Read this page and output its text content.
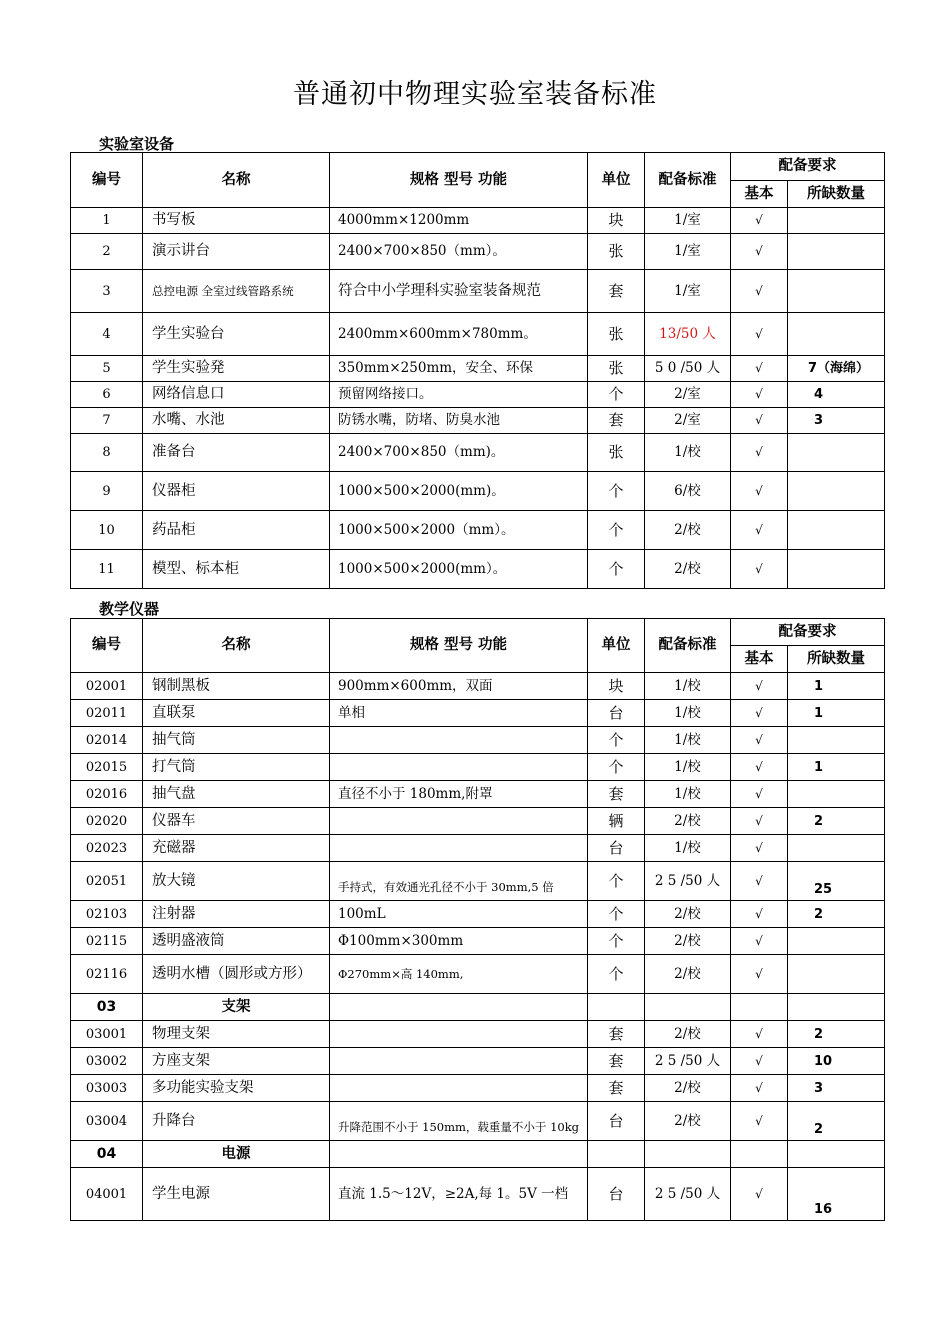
普通初中物理实验室装备标准
实验室设备
编号	名称	规格 型号 功能	单位	配备标准	配备要求	
					基本	所缺数量
1	书写板	4000mm×1200mm	块	1/室	√	
2	演示讲台	2400×700×850（mm）。	张	1/室	√	
3	总控电源 全室过线管路系统	符合中小学理科实验室装备规范	套	1/室	√	
4	学生实验台	2400mm×600mm×780mm。	张	13/50 人	√	
5	学生实验発	350mm×250mm，安全、环保	张	5 0 /50 人	√	7（海绵）
6	网络信息口	预留网络接口。	个	2/室	√	4
7	水嘴、水池	防锈水嘴，防堵、防臭水池	套	2/室	√	3
8	准备台	2400×700×850（mm)。	张	1/校	√	
9	仪器柜	1000×500×2000(mm)。	个	6/校	√	
10	药品柜	1000×500×2000（mm）。	个	2/校	√	
11	模型、标本柜	1000×500×2000(mm）。	个	2/校	√	
教学仪器
编号	名称	规格 型号 功能	单位	配备标准	配备要求	
					基本	所缺数量
02001	钢制黑板	900mm×600mm，双面	块	1/校	√	1
02011	直联泵	单相	台	1/校	√	1
02014	抽气筒		个	1/校	√	
02015	打气筒		个	1/校	√	1
02016	抽气盘	直径不小于 180mm,附罩	套	1/校	√	
02020	仪器车		辆	2/校	√	2
02023	充磁器		台	1/校	√	
02051	放大镜	手持式，有效通光孔径不小于 30mm,5 倍	个	2 5 /50 人	√	25
02103	注射器	100mL	个	2/校	√	2
02115	透明盛液筒	Φ100mm×300mm	个	2/校	√	
02116	透明水槽（圆形或方形）	Φ270mm×高 140mm,	个	2/校	√	
03	支架					
03001	物理支架		套	2/校	√	2
03002	方座支架		套	2 5 /50 人	√	10
03003	多功能实验支架		套	2/校	√	3
03004	升降台	升降范围不小于 150mm，载重量不小于 10kg	台	2/校	√	2
04	电源					
04001	学生电源	直流 1.5～12V，≥2A,每 1。5V 一档	台	2 5 /50 人	√	16
